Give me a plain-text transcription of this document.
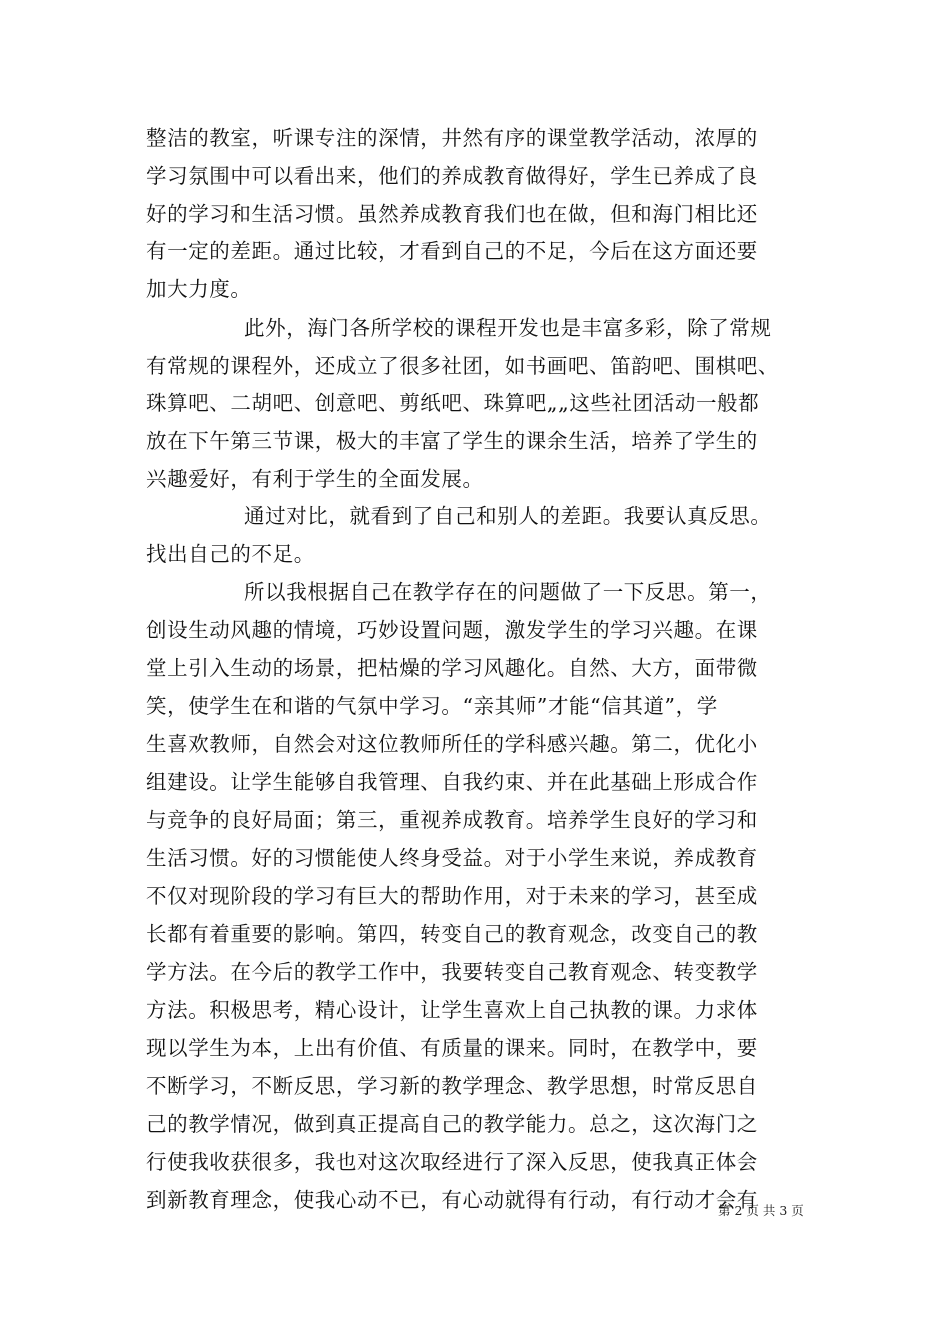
整洁的教室，听课专注的深情，井然有序的课堂教学活动，浓厚的
学习氛围中可以看出来，他们的养成教育做得好，学生已养成了良
好的学习和生活习惯。虽然养成教育我们也在做，但和海门相比还
有一定的差距。通过比较，才看到自己的不足，今后在这方面还要
加大力度。
此外，海门各所学校的课程开发也是丰富多彩，除了常规
有常规的课程外，还成立了很多社团，如书画吧、笛韵吧、围棋吧、
珠算吧、二胡吧、创意吧、剪纸吧、珠算吧„„这些社团活动一般都
放在下午第三节课，极大的丰富了学生的课余生活，培养了学生的
兴趣爱好，有利于学生的全面发展。
通过对比，就看到了自己和别人的差距。我要认真反思。
找出自己的不足。
所以我根据自己在教学存在的问题做了一下反思。第一，
创设生动风趣的情境，巧妙设置问题，激发学生的学习兴趣。在课
堂上引入生动的场景，把枯燥的学习风趣化。自然、大方，面带微
笑，使学生在和谐的气氛中学习。“亲其师”才能“信其道”，学
生喜欢教师，自然会对这位教师所任的学科感兴趣。第二，优化小
组建设。让学生能够自我管理、自我约束、并在此基础上形成合作
与竞争的良好局面；第三，重视养成教育。培养学生良好的学习和
生活习惯。好的习惯能使人终身受益。对于小学生来说，养成教育
不仅对现阶段的学习有巨大的帮助作用，对于未来的学习，甚至成
长都有着重要的影响。第四，转变自己的教育观念，改变自己的教
学方法。在今后的教学工作中，我要转变自己教育观念、转变教学
方法。积极思考，精心设计，让学生喜欢上自己执教的课。力求体
现以学生为本，上出有价值、有质量的课来。同时，在教学中，要
不断学习，不断反思，学习新的教学理念、教学思想，时常反思自
己的教学情况，做到真正提高自己的教学能力。总之，这次海门之
行使我收获很多，我也对这次取经进行了深入反思，使我真正体会
到新教育理念，使我心动不已，有心动就得有行动，有行动才会有
第 2 页 共 3 页
